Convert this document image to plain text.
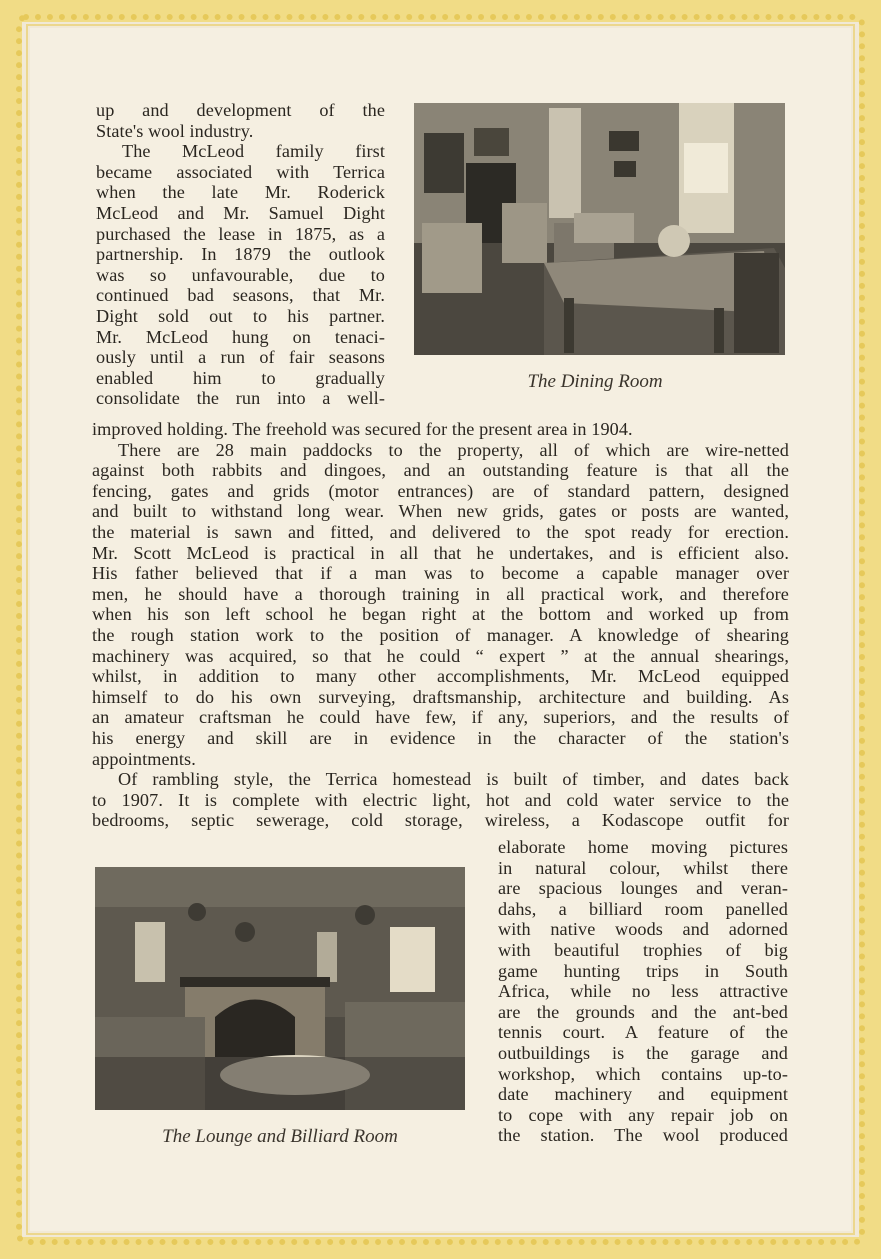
up and development of the
State's wool industry.
The McLeod family first
became associated with Terrica
when the late Mr. Roderick
McLeod and Mr. Samuel Dight
purchased the lease in 1875, as a
partnership. In 1879 the outlook
was so unfavourable, due to
continued bad seasons, that Mr.
Dight sold out to his partner.
Mr. McLeod hung on tenaci-
ously until a run of fair seasons
enabled him to gradually
consolidate the run into a well-
The Dining Room
improved holding. The freehold was secured for the present area in 1904.
There are 28 main paddocks to the property, all of which are wire-netted
against both rabbits and dingoes, and an outstanding feature is that all the
fencing, gates and grids (motor entrances) are of standard pattern, designed
and built to withstand long wear. When new grids, gates or posts are wanted,
the material is sawn and fitted, and delivered to the spot ready for erection.
Mr. Scott McLeod is practical in all that he undertakes, and is efficient also.
His father believed that if a man was to become a capable manager over
men, he should have a thorough training in all practical work, and therefore
when his son left school he began right at the bottom and worked up from
the rough station work to the position of manager. A knowledge of shearing
machinery was acquired, so that he could “ expert ” at the annual shearings,
whilst, in addition to many other accomplishments, Mr. McLeod equipped
himself to do his own surveying, draftsmanship, architecture and building. As
an amateur craftsman he could have few, if any, superiors, and the results of
his energy and skill are in evidence in the character of the station's
appointments.
Of rambling style, the Terrica homestead is built of timber, and dates back
to 1907. It is complete with electric light, hot and cold water service to the
bedrooms, septic sewerage, cold storage, wireless, a Kodascope outfit for
The Lounge and Billiard Room
elaborate home moving pictures
in natural colour, whilst there
are spacious lounges and veran-
dahs, a billiard room panelled
with native woods and adorned
with beautiful trophies of big
game hunting trips in South
Africa, while no less attractive
are the grounds and the ant-bed
tennis court. A feature of the
outbuildings is the garage and
workshop, which contains up-to-
date machinery and equipment
to cope with any repair job on
the station. The wool produced
